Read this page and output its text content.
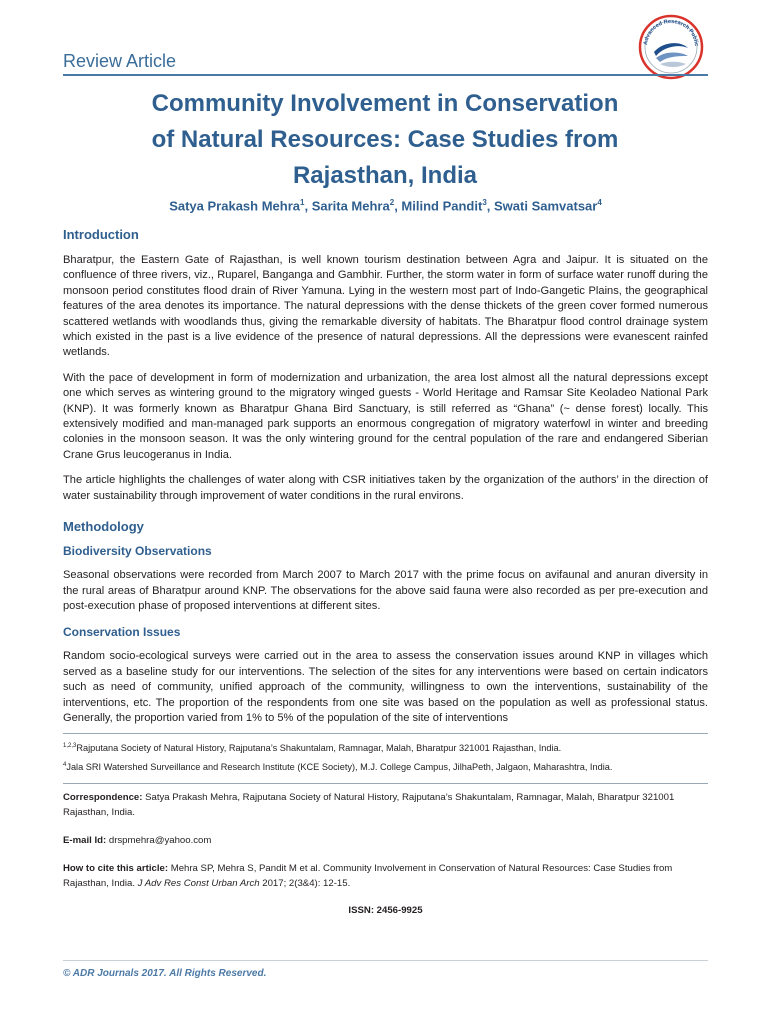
Advanced Research Public
Review Article
Community Involvement in Conservation
of Natural Resources: Case Studies from
Rajasthan, India
Satya Prakash Mehra$^1$, Sarita Mehra$^2$, Milind Pandit$^3$, Swati Samvatsar$^4$

Introduction

Bharatpur, the Eastern Gate of Rajasthan, is well known tourism destination between Agra and Jaipur. It is situated on the confluence of three rivers, viz., Ruparel, Banganga and Gambhir. Further, the storm water in form of surface water runoff during the monsoon period constitutes flood drain of River Yamuna. Lying in the western most part of Indo-Gangetic Plains, the geographical features of the area denotes its importance. The natural depressions with the dense thickets of the green cover formed numerous scattered wetlands with woodlands thus, giving the remarkable diversity of habitats. The Bharatpur flood control drainage system which existed in the past is a live evidence of the presence of natural depressions. All the depressions were evanescent rainfed wetlands.

With the pace of development in form of modernization and urbanization, the area lost almost all the natural depressions except one which serves as wintering ground to the migratory winged guests - World Heritage and Ramsar Site Keoladeo National Park (KNP). It was formerly known as Bharatpur Ghana Bird Sanctuary, is still referred as “Ghana” (~ dense forest) locally. This extensively modified and man-managed park supports an enormous congregation of migratory waterfowl in winter and breeding colonies in the monsoon season. It was the only wintering ground for the central population of the rare and endangered Siberian Crane Grus leucogeranus in India.

The article highlights the challenges of water along with CSR initiatives taken by the organization of the authors’ in the direction of water sustainability through improvement of water conditions in the rural environs.

Methodology

Biodiversity Observations

Seasonal observations were recorded from March 2007 to March 2017 with the prime focus on avifaunal and anuran diversity in the rural areas of Bharatpur around KNP. The observations for the above said fauna were also recorded as per pre-execution and post-execution phase of proposed interventions at different sites.

Conservation Issues

Random socio-ecological surveys were carried out in the area to assess the conservation issues around KNP in villages which served as a baseline study for our interventions. The selection of the sites for any interventions were based on certain indicators such as need of community, unified approach of the community, willingness to own the interventions, sustainability of the interventions, etc. The proportion of the respondents from one site was based on the population as well as professional status. Generally, the proportion varied from 1% to 5% of the population of the site of interventions

$^{1,2,3}$Rajputana Society of Natural History, Rajputana’s Shakuntalam, Ramnagar, Malah, Bharatpur 321001 Rajasthan, India.

$^4$Jala SRI Watershed Surveillance and Research Institute (KCE Society), M.J. College Campus, JilhaPeth, Jalgaon, Maharashtra, India.

Correspondence: Satya Prakash Mehra, Rajputana Society of Natural History, Rajputana’s Shakuntalam, Ramnagar, Malah, Bharatpur 321001 Rajasthan, India.

E-mail Id: drspmehra@yahoo.com

How to cite this article: Mehra SP, Mehra S, Pandit M et al. Community Involvement in Conservation of Natural Resources: Case Studies from Rajasthan, India. J Adv Res Const Urban Arch 2017; 2(3&4): 12-15.

ISSN: 2456-9925

© ADR Journals 2017. All Rights Reserved.
